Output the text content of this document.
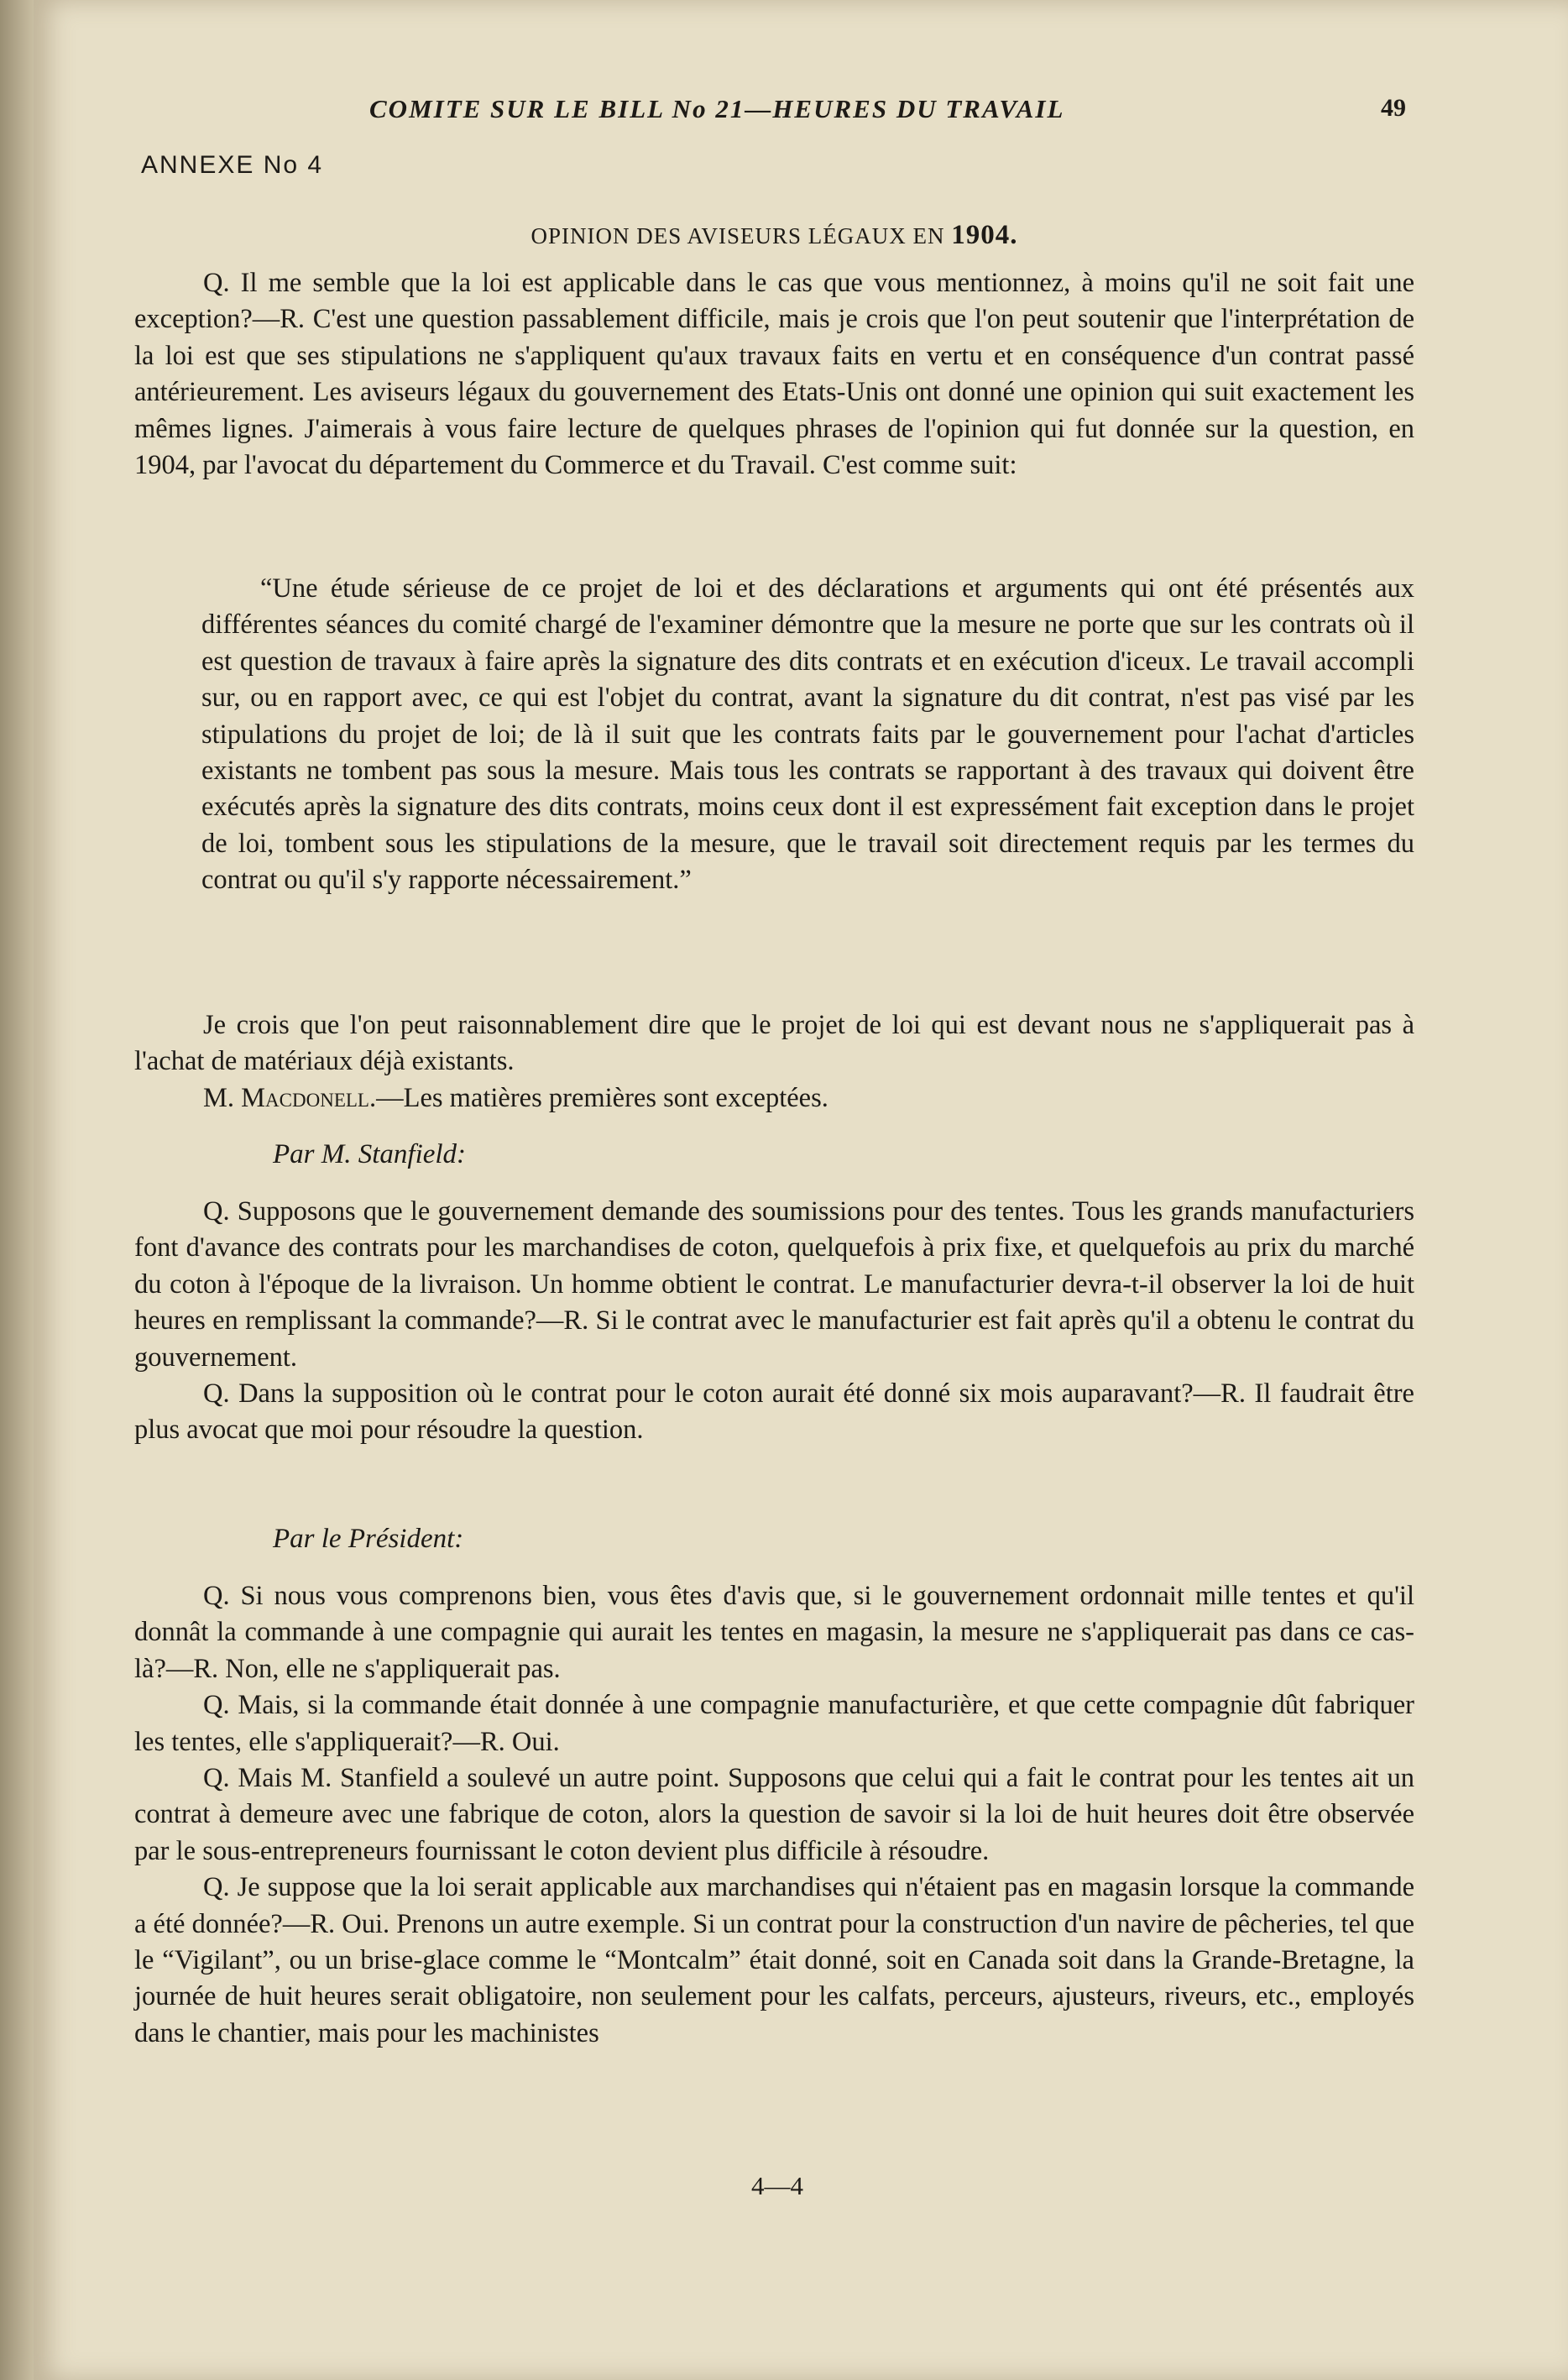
COMITE SUR LE BILL No 21—HEURES DU TRAVAIL	49
ANNEXE No 4
OPINION DES AVISEURS LÉGAUX EN 1904.

Q. Il me semble que la loi est applicable dans le cas que vous mentionnez, à moins qu'il ne soit fait une exception?—R. C'est une question passablement difficile, mais je crois que l'on peut soutenir que l'interprétation de la loi est que ses stipulations ne s'appliquent qu'aux travaux faits en vertu et en conséquence d'un contrat passé antérieurement. Les aviseurs légaux du gouvernement des Etats-Unis ont donné une opinion qui suit exactement les mêmes lignes. J'aimerais à vous faire lecture de quelques phrases de l'opinion qui fut donnée sur la question, en 1904, par l'avocat du département du Commerce et du Travail. C'est comme suit:

“Une étude sérieuse de ce projet de loi et des déclarations et arguments qui ont été présentés aux différentes séances du comité chargé de l'examiner démontre que la mesure ne porte que sur les contrats où il est question de travaux à faire après la signature des dits contrats et en exécution d'iceux. Le travail accompli sur, ou en rapport avec, ce qui est l'objet du contrat, avant la signature du dit contrat, n'est pas visé par les stipulations du projet de loi; de là il suit que les contrats faits par le gouvernement pour l'achat d'articles existants ne tombent pas sous la mesure. Mais tous les contrats se rapportant à des travaux qui doivent être exécutés après la signature des dits contrats, moins ceux dont il est expressément fait exception dans le projet de loi, tombent sous les stipulations de la mesure, que le travail soit directement requis par les termes du contrat ou qu'il s'y rapporte nécessairement.”

Je crois que l'on peut raisonnablement dire que le projet de loi qui est devant nous ne s'appliquerait pas à l'achat de matériaux déjà existants.

M. Macdonell.—Les matières premières sont exceptées.

Par M. Stanfield:

Q. Supposons que le gouvernement demande des soumissions pour des tentes. Tous les grands manufacturiers font d'avance des contrats pour les marchandises de coton, quelquefois à prix fixe, et quelquefois au prix du marché du coton à l'époque de la livraison. Un homme obtient le contrat. Le manufacturier devra-t-il observer la loi de huit heures en remplissant la commande?—R. Si le contrat avec le manufacturier est fait après qu'il a obtenu le contrat du gouvernement.

Q. Dans la supposition où le contrat pour le coton aurait été donné six mois auparavant?—R. Il faudrait être plus avocat que moi pour résoudre la question.

Par le Président:

Q. Si nous vous comprenons bien, vous êtes d'avis que, si le gouvernement ordonnait mille tentes et qu'il donnât la commande à une compagnie qui aurait les tentes en magasin, la mesure ne s'appliquerait pas dans ce cas-là?—R. Non, elle ne s'appliquerait pas.

Q. Mais, si la commande était donnée à une compagnie manufacturière, et que cette compagnie dût fabriquer les tentes, elle s'appliquerait?—R. Oui.

Q. Mais M. Stanfield a soulevé un autre point. Supposons que celui qui a fait le contrat pour les tentes ait un contrat à demeure avec une fabrique de coton, alors la question de savoir si la loi de huit heures doit être observée par le sous-entrepreneurs fournissant le coton devient plus difficile à résoudre.

Q. Je suppose que la loi serait applicable aux marchandises qui n'étaient pas en magasin lorsque la commande a été donnée?—R. Oui. Prenons un autre exemple. Si un contrat pour la construction d'un navire de pêcheries, tel que le “Vigilant”, ou un brise-glace comme le “Montcalm” était donné, soit en Canada soit dans la Grande-Bretagne, la journée de huit heures serait obligatoire, non seulement pour les calfats, perceurs, ajusteurs, riveurs, etc., employés dans le chantier, mais pour les machinistes

4—4
